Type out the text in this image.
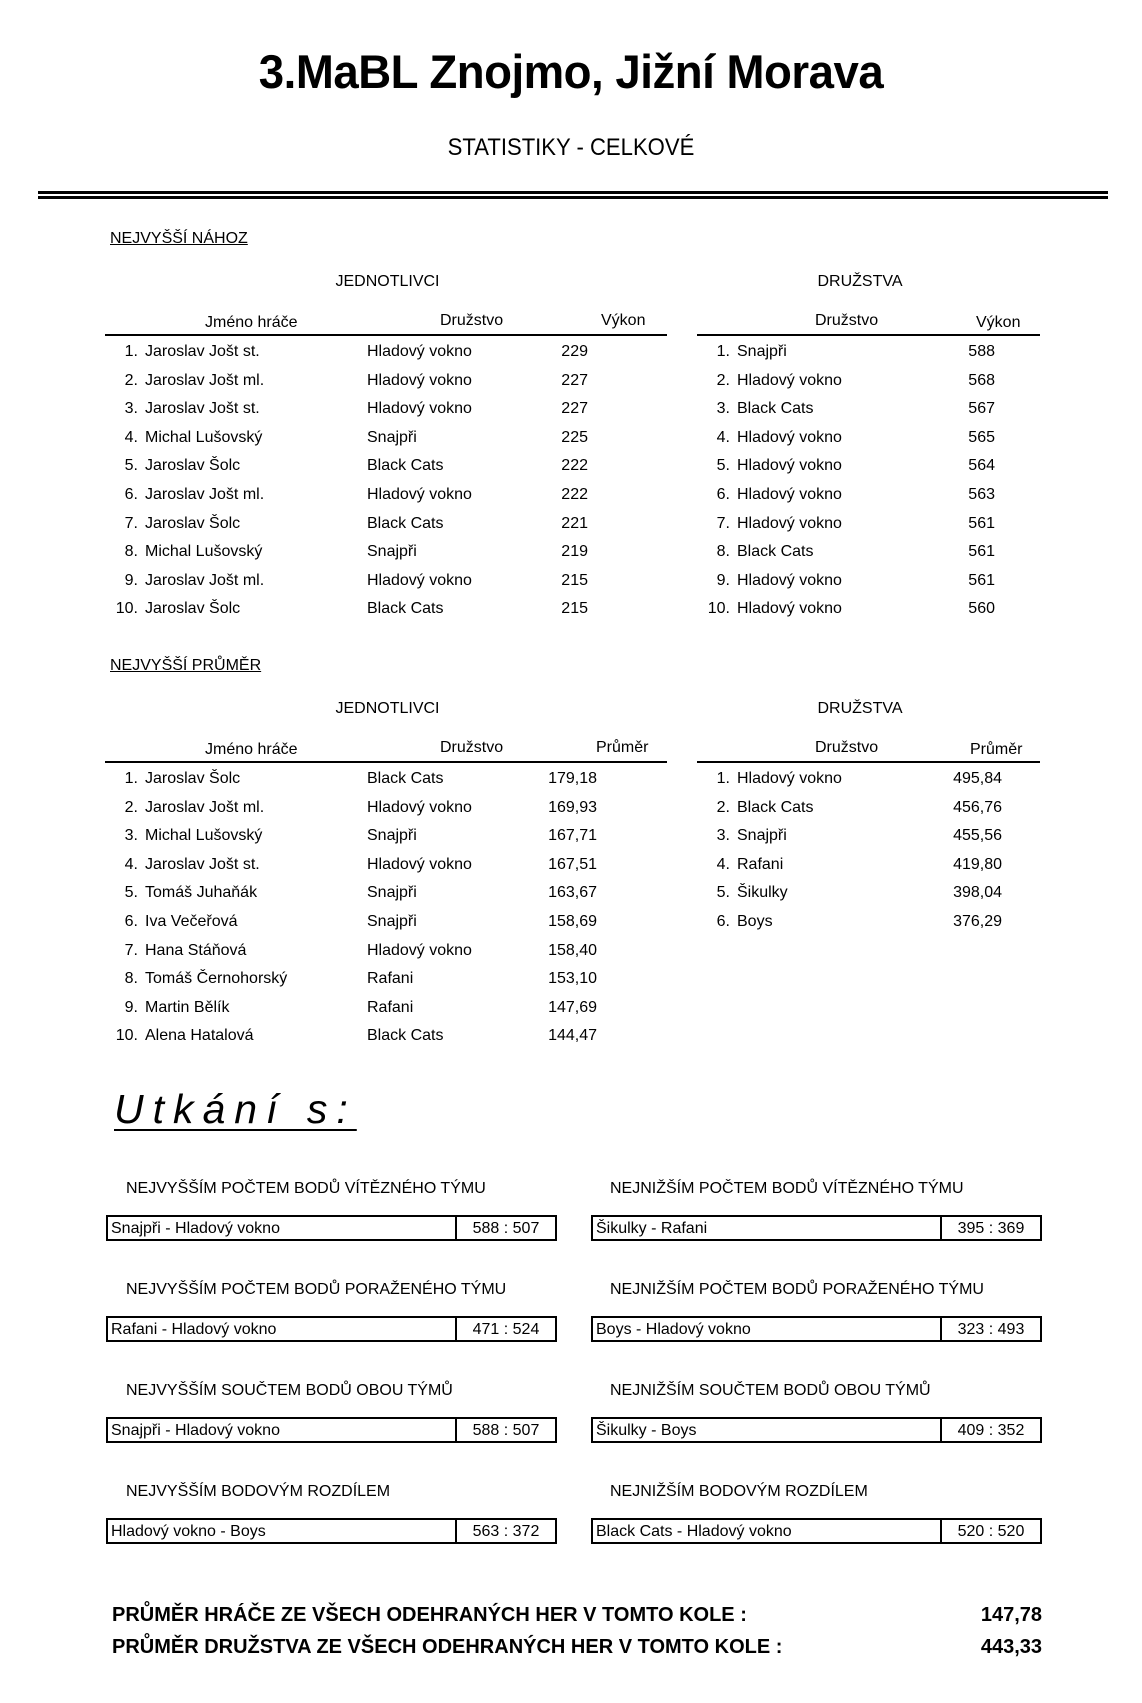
3.MaBL Znojmo, Jižní Morava
STATISTIKY - CELKOVÉ
NEJVYŠŠÍ NÁHOZ
JEDNOTLIVCI	DRUŽSTVA
Jméno hráče	Družstvo	Výkon	Družstvo	Výkon
1. Jaroslav Jošt st.	Hladový vokno	229
2. Jaroslav Jošt ml.	Hladový vokno	227
3. Jaroslav Jošt st.	Hladový vokno	227
4. Michal Lušovský	Snajpři	225
5. Jaroslav Šolc	Black Cats	222
6. Jaroslav Jošt ml.	Hladový vokno	222
7. Jaroslav Šolc	Black Cats	221
8. Michal Lušovský	Snajpři	219
9. Jaroslav Jošt ml.	Hladový vokno	215
10. Jaroslav Šolc	Black Cats	215
1. Snajpři	588
2. Hladový vokno	568
3. Black Cats	567
4. Hladový vokno	565
5. Hladový vokno	564
6. Hladový vokno	563
7. Hladový vokno	561
8. Black Cats	561
9. Hladový vokno	561
10. Hladový vokno	560
NEJVYŠŠÍ PRŮMĚR
JEDNOTLIVCI	DRUŽSTVA
Jméno hráče	Družstvo	Průměr	Družstvo	Průměr
1. Jaroslav Šolc	Black Cats	179,18
2. Jaroslav Jošt ml.	Hladový vokno	169,93
3. Michal Lušovský	Snajpři	167,71
4. Jaroslav Jošt st.	Hladový vokno	167,51
5. Tomáš Juhaňák	Snajpři	163,67
6. Iva Večeřová	Snajpři	158,69
7. Hana Stáňová	Hladový vokno	158,40
8. Tomáš Černohorský	Rafani	153,10
9. Martin Bělík	Rafani	147,69
10. Alena Hatalová	Black Cats	144,47
1. Hladový vokno	495,84
2. Black Cats	456,76
3. Snajpři	455,56
4. Rafani	419,80
5. Šikulky	398,04
6. Boys	376,29
Utkání s:
NEJVYŠŠÍM POČTEM BODŮ VÍTĚZNÉHO TÝMU
Snajpři - Hladový vokno	588 : 507
NEJVYŠŠÍM POČTEM BODŮ PORAŽENÉHO TÝMU
Rafani - Hladový vokno	471 : 524
NEJVYŠŠÍM SOUČTEM BODŮ OBOU TÝMŮ
Snajpři - Hladový vokno	588 : 507
NEJVYŠŠÍM BODOVÝM ROZDÍLEM
Hladový vokno - Boys	563 : 372
NEJNIŽŠÍM POČTEM BODŮ VÍTĚZNÉHO TÝMU
Šikulky - Rafani	395 : 369
NEJNIŽŠÍM POČTEM BODŮ PORAŽENÉHO TÝMU
Boys - Hladový vokno	323 : 493
NEJNIŽŠÍM SOUČTEM BODŮ OBOU TÝMŮ
Šikulky - Boys	409 : 352
NEJNIŽŠÍM BODOVÝM ROZDÍLEM
Black Cats - Hladový vokno	520 : 520
PRŮMĚR HRÁČE ZE VŠECH ODEHRANÝCH HER V TOMTO KOLE :	147,78
PRŮMĚR DRUŽSTVA ZE VŠECH ODEHRANÝCH HER V TOMTO KOLE :	443,33
